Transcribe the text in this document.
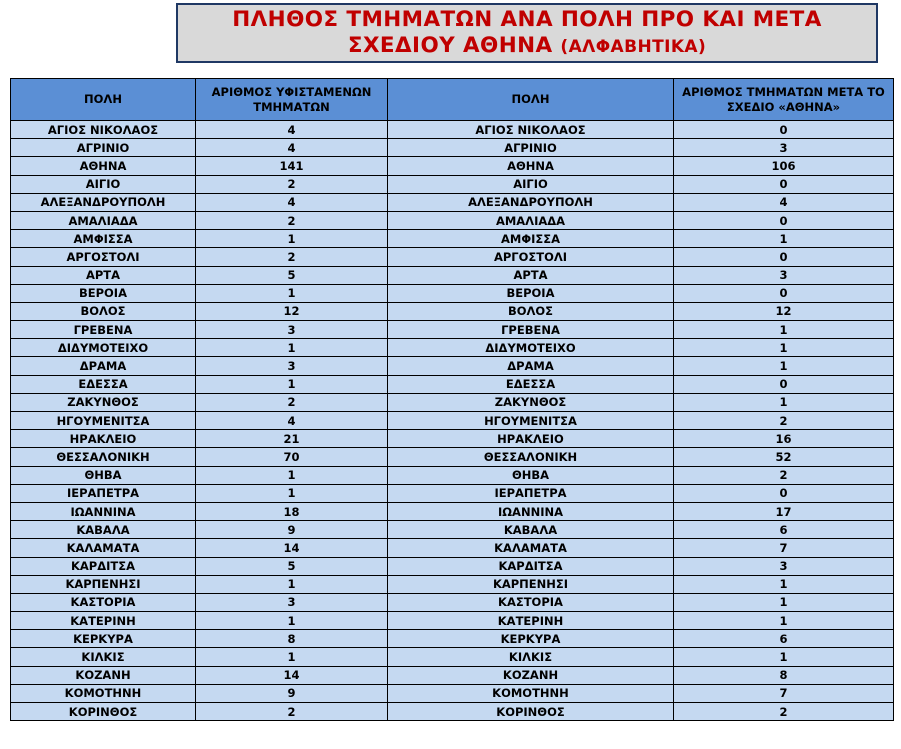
ΠΛΗΘΟΣ ΤΜΗΜΑΤΩΝ ΑΝΑ ΠΟΛΗ ΠΡΟ ΚΑΙ ΜΕΤΑ
ΣΧΕΔΙΟΥ ΑΘΗΝΑ (ΑΛΦΑΒΗΤΙΚΑ)
ΠΟΛΗ	ΑΡΙΘΜΟΣ ΥΦΙΣΤΑΜΕΝΩΝ ΤΜΗΜΑΤΩΝ	ΠΟΛΗ	ΑΡΙΘΜΟΣ ΤΜΗΜΑΤΩΝ ΜΕΤΑ ΤΟ ΣΧΕΔΙΟ «ΑΘΗΝΑ»
ΑΓΙΟΣ ΝΙΚΟΛΑΟΣ	4	ΑΓΙΟΣ ΝΙΚΟΛΑΟΣ	0
ΑΓΡΙΝΙΟ	4	ΑΓΡΙΝΙΟ	3
ΑΘΗΝΑ	141	ΑΘΗΝΑ	106
ΑΙΓΙΟ	2	ΑΙΓΙΟ	0
ΑΛΕΞΑΝΔΡΟΥΠΟΛΗ	4	ΑΛΕΞΑΝΔΡΟΥΠΟΛΗ	4
ΑΜΑΛΙΑΔΑ	2	ΑΜΑΛΙΑΔΑ	0
ΑΜΦΙΣΣΑ	1	ΑΜΦΙΣΣΑ	1
ΑΡΓΟΣΤΟΛΙ	2	ΑΡΓΟΣΤΟΛΙ	0
ΑΡΤΑ	5	ΑΡΤΑ	3
ΒΕΡΟΙΑ	1	ΒΕΡΟΙΑ	0
ΒΟΛΟΣ	12	ΒΟΛΟΣ	12
ΓΡΕΒΕΝΑ	3	ΓΡΕΒΕΝΑ	1
ΔΙΔΥΜΟΤΕΙΧΟ	1	ΔΙΔΥΜΟΤΕΙΧΟ	1
ΔΡΑΜΑ	3	ΔΡΑΜΑ	1
ΕΔΕΣΣΑ	1	ΕΔΕΣΣΑ	0
ΖΑΚΥΝΘΟΣ	2	ΖΑΚΥΝΘΟΣ	1
ΗΓΟΥΜΕΝΙΤΣΑ	4	ΗΓΟΥΜΕΝΙΤΣΑ	2
ΗΡΑΚΛΕΙΟ	21	ΗΡΑΚΛΕΙΟ	16
ΘΕΣΣΑΛΟΝΙΚΗ	70	ΘΕΣΣΑΛΟΝΙΚΗ	52
ΘΗΒΑ	1	ΘΗΒΑ	2
ΙΕΡΑΠΕΤΡΑ	1	ΙΕΡΑΠΕΤΡΑ	0
ΙΩΑΝΝΙΝΑ	18	ΙΩΑΝΝΙΝΑ	17
ΚΑΒΑΛΑ	9	ΚΑΒΑΛΑ	6
ΚΑΛΑΜΑΤΑ	14	ΚΑΛΑΜΑΤΑ	7
ΚΑΡΔΙΤΣΑ	5	ΚΑΡΔΙΤΣΑ	3
ΚΑΡΠΕΝΗΣΙ	1	ΚΑΡΠΕΝΗΣΙ	1
ΚΑΣΤΟΡΙΑ	3	ΚΑΣΤΟΡΙΑ	1
ΚΑΤΕΡΙΝΗ	1	ΚΑΤΕΡΙΝΗ	1
ΚΕΡΚΥΡΑ	8	ΚΕΡΚΥΡΑ	6
ΚΙΛΚΙΣ	1	ΚΙΛΚΙΣ	1
ΚΟΖΑΝΗ	14	ΚΟΖΑΝΗ	8
ΚΟΜΟΤΗΝΗ	9	ΚΟΜΟΤΗΝΗ	7
ΚΟΡΙΝΘΟΣ	2	ΚΟΡΙΝΘΟΣ	2
